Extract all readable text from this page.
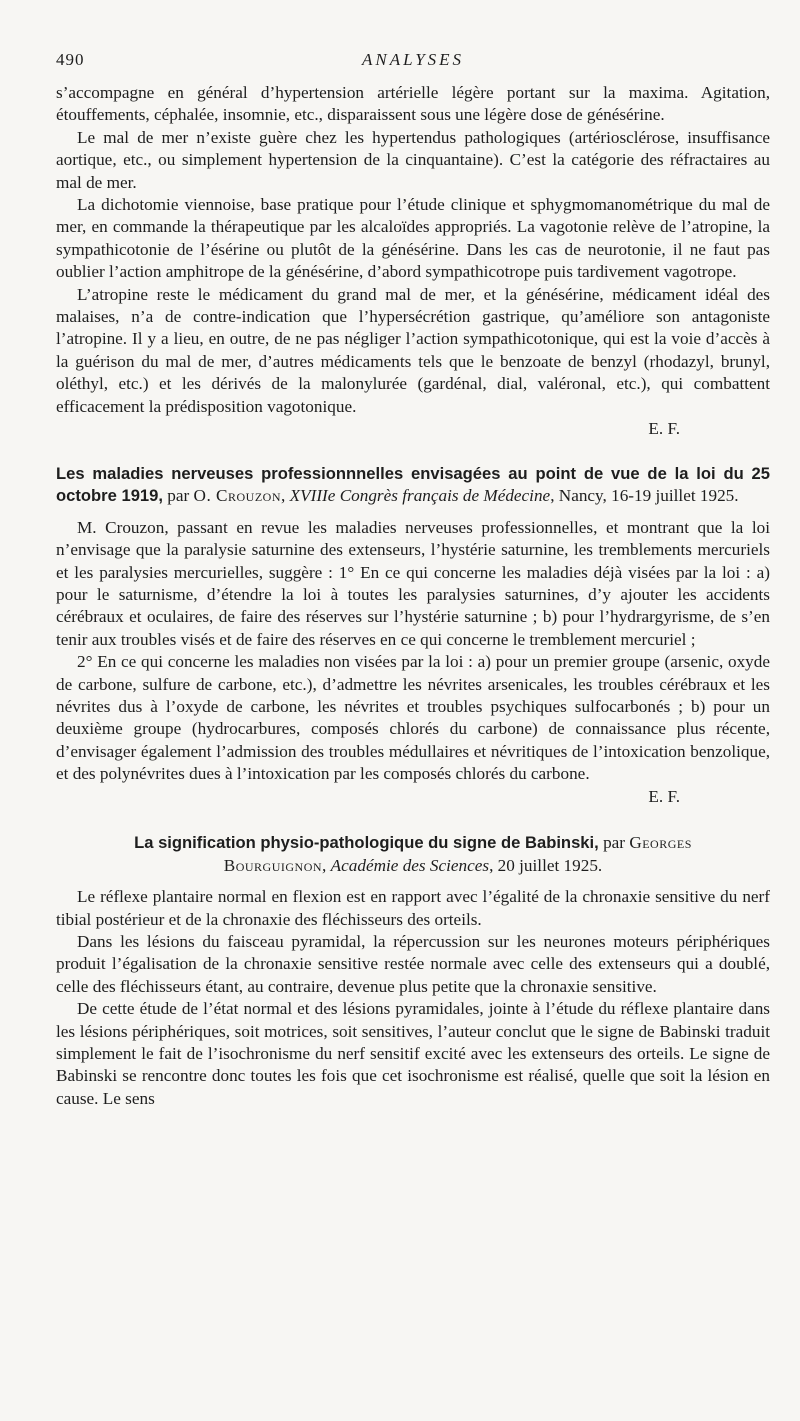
490	ANALYSES

s’accompagne en général d’hypertension artérielle légère portant sur la maxima. Agitation, étouffements, céphalée, insomnie, etc., disparaissent sous une légère dose de génésérine.

Le mal de mer n’existe guère chez les hypertendus pathologiques (artériosclérose, insuffisance aortique, etc., ou simplement hypertension de la cinquantaine). C’est la catégorie des réfractaires au mal de mer.

La dichotomie viennoise, base pratique pour l’étude clinique et sphygmomanométrique du mal de mer, en commande la thérapeutique par les alcaloïdes appropriés. La vagotonie relève de l’atropine, la sympathicotonie de l’ésérine ou plutôt de la génésérine. Dans les cas de neurotonie, il ne faut pas oublier l’action amphitrope de la génésérine, d’abord sympathicotrope puis tardivement vagotrope.

L’atropine reste le médicament du grand mal de mer, et la génésérine, médicament idéal des malaises, n’a de contre-indication que l’hypersécrétion gastrique, qu’améliore son antagoniste l’atropine. Il y a lieu, en outre, de ne pas négliger l’action sympathicotonique, qui est la voie d’accès à la guérison du mal de mer, d’autres médicaments tels que le benzoate de benzyl (rhodazyl, brunyl, oléthyl, etc.) et les dérivés de la malonylurée (gardénal, dial, valéronal, etc.), qui combattent efficacement la prédisposition vagotonique.

E. F.

Les maladies nerveuses professionnnelles envisagées au point de vue de la loi du 25 octobre 1919, par O. Crouzon, XVIIIe Congrès français de Médecine, Nancy, 16-19 juillet 1925.

M. Crouzon, passant en revue les maladies nerveuses professionnelles, et montrant que la loi n’envisage que la paralysie saturnine des extenseurs, l’hystérie saturnine, les tremblements mercuriels et les paralysies mercurielles, suggère : 1° En ce qui concerne les maladies déjà visées par la loi : a) pour le saturnisme, d’étendre la loi à toutes les paralysies saturnines, d’y ajouter les accidents cérébraux et oculaires, de faire des réserves sur l’hystérie saturnine ; b) pour l’hydrargyrisme, de s’en tenir aux troubles visés et de faire des réserves en ce qui concerne le tremblement mercuriel ;

2° En ce qui concerne les maladies non visées par la loi : a) pour un premier groupe (arsenic, oxyde de carbone, sulfure de carbone, etc.), d’admettre les névrites arsenicales, les troubles cérébraux et les névrites dus à l’oxyde de carbone, les névrites et troubles psychiques sulfocarbonés ; b) pour un deuxième groupe (hydrocarbures, composés chlorés du carbone) de connaissance plus récente, d’envisager également l’admission des troubles médullaires et névritiques de l’intoxication benzolique, et des polynévrites dues à l’intoxication par les composés chlorés du carbone.

E. F.

La signification physio-pathologique du signe de Babinski, par Georges Bourguignon, Académie des Sciences, 20 juillet 1925.

Le réflexe plantaire normal en flexion est en rapport avec l’égalité de la chronaxie sensitive du nerf tibial postérieur et de la chronaxie des fléchisseurs des orteils.

Dans les lésions du faisceau pyramidal, la répercussion sur les neurones moteurs périphériques produit l’égalisation de la chronaxie sensitive restée normale avec celle des extenseurs qui a doublé, celle des fléchisseurs étant, au contraire, devenue plus petite que la chronaxie sensitive.

De cette étude de l’état normal et des lésions pyramidales, jointe à l’étude du réflexe plantaire dans les lésions périphériques, soit motrices, soit sensitives, l’auteur conclut que le signe de Babinski traduit simplement le fait de l’isochronisme du nerf sensitif excité avec les extenseurs des orteils. Le signe de Babinski se rencontre donc toutes les fois que cet isochronisme est réalisé, quelle que soit la lésion en cause. Le sens
